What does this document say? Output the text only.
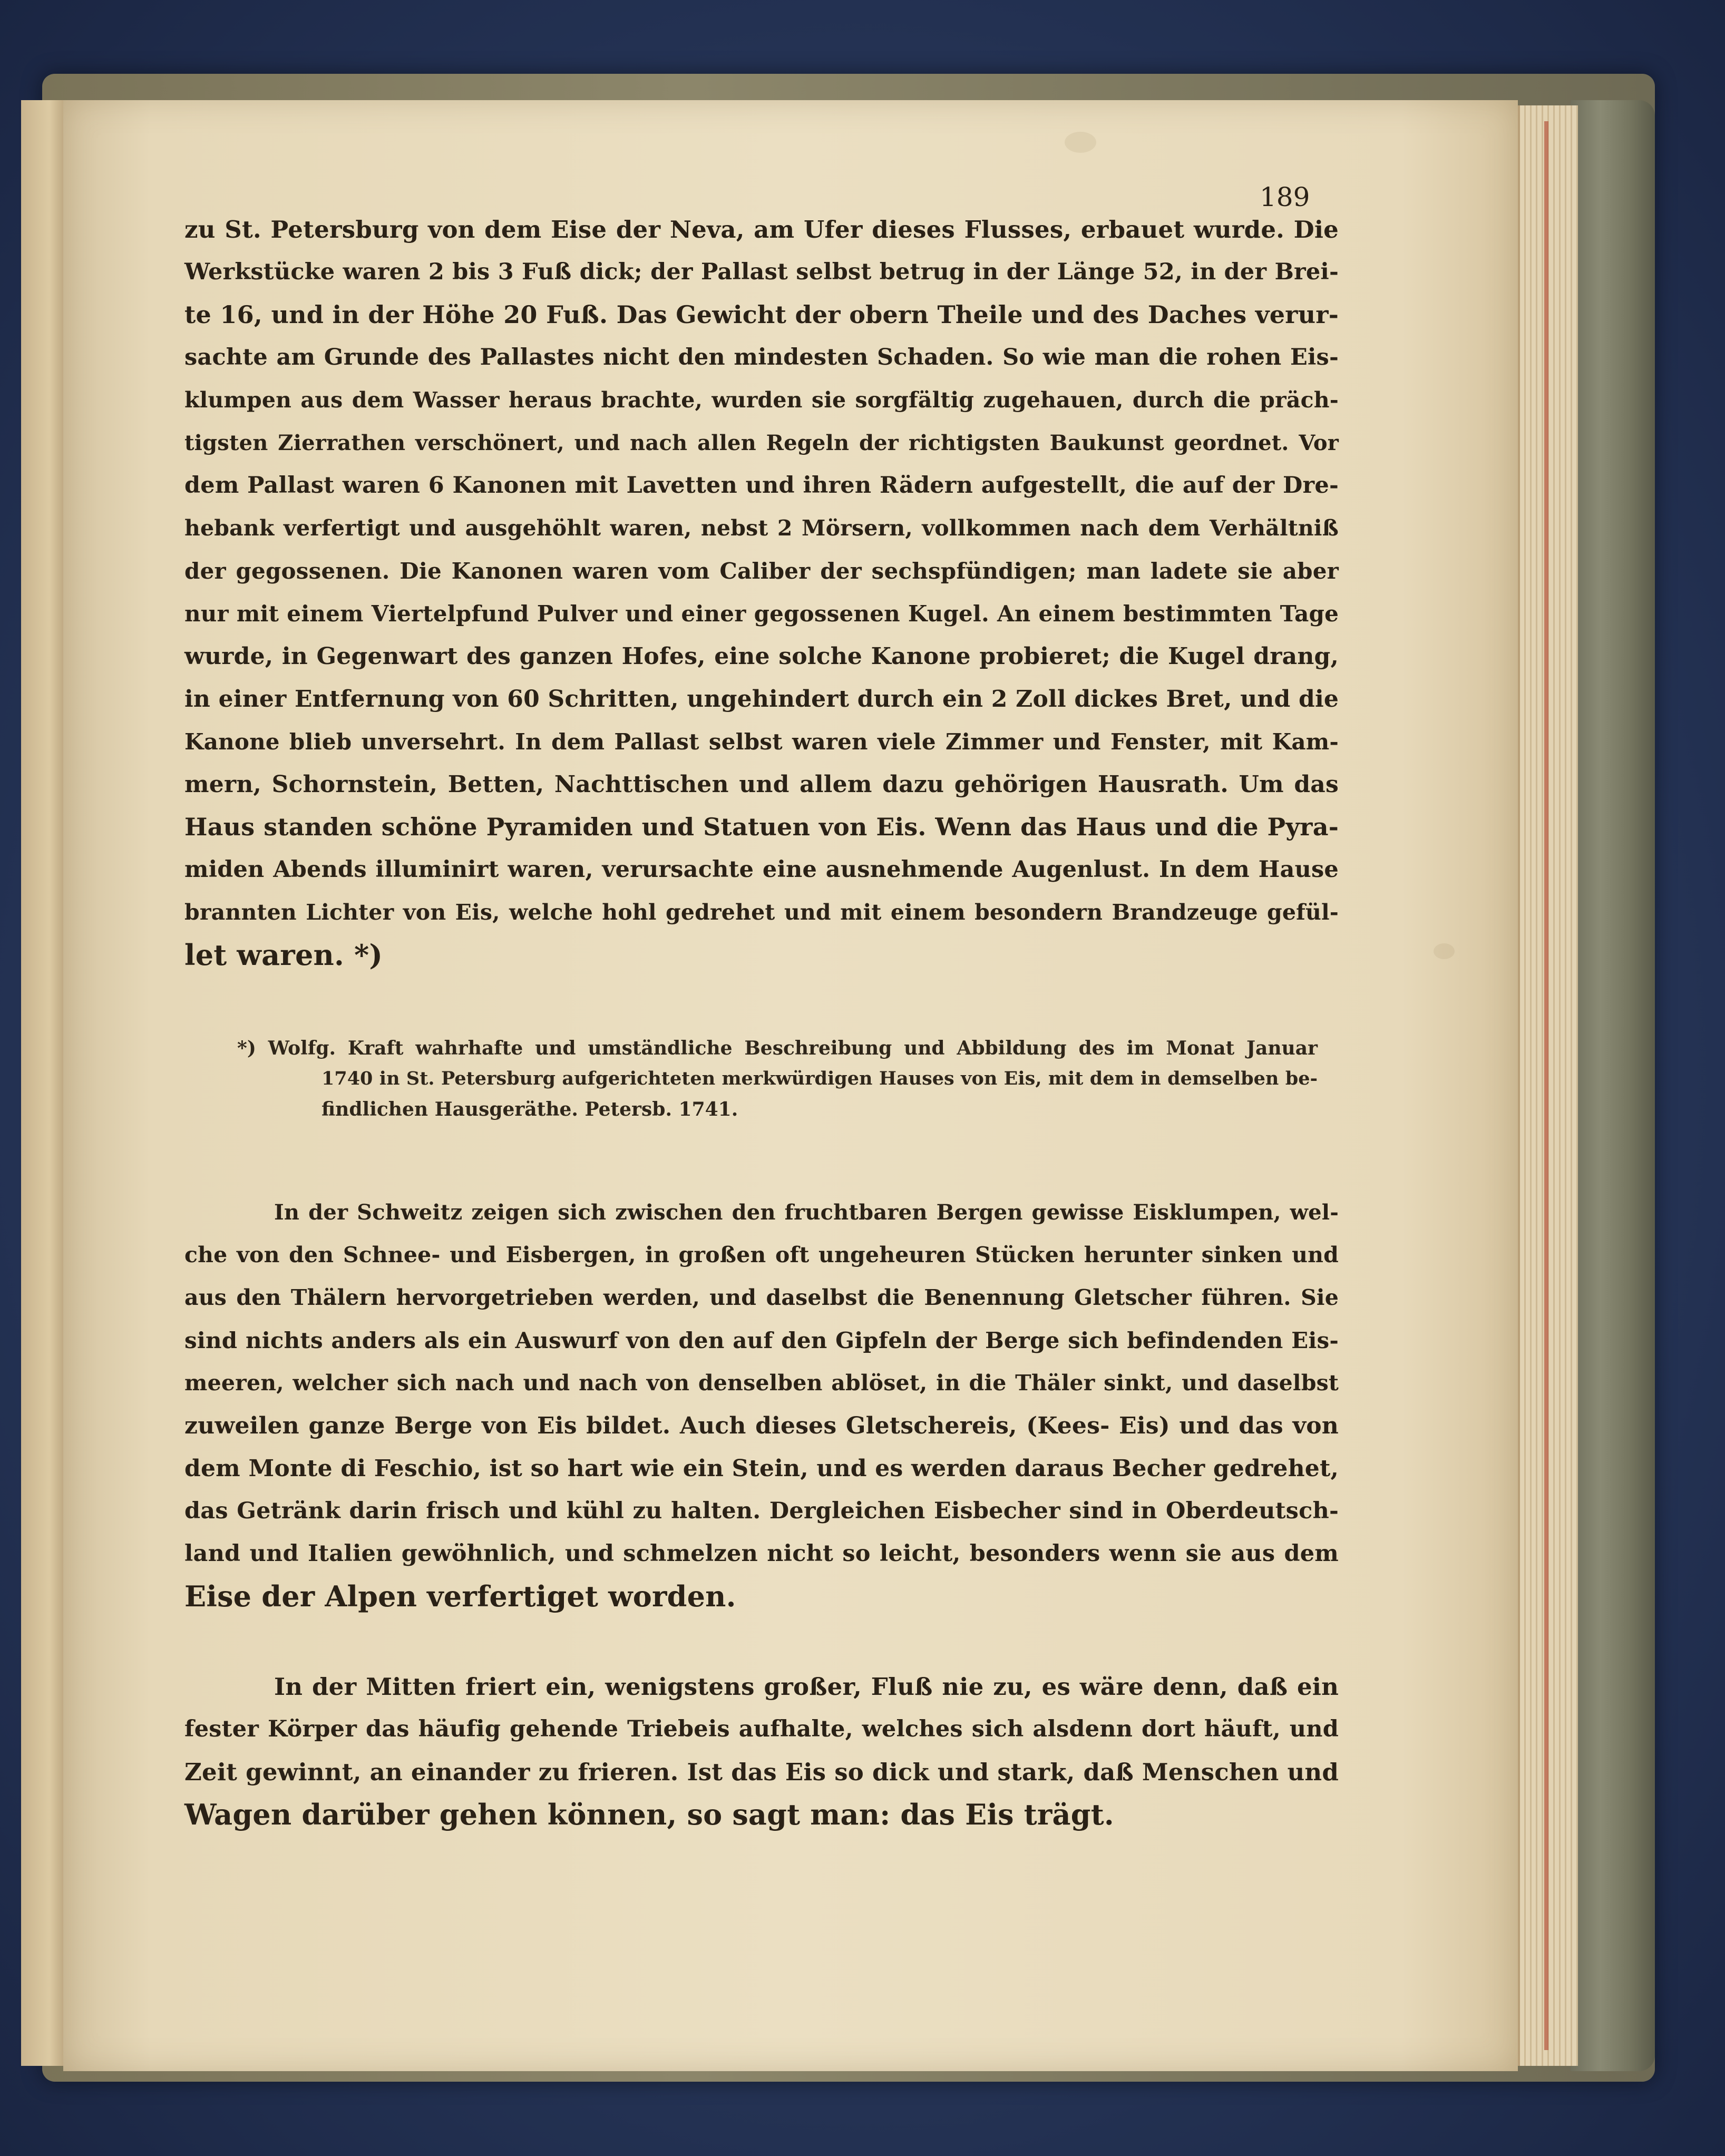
189
zu St. Petersburg von dem Eise der Neva, am Ufer dieses Flusses, erbauet wurde. Die
Werkstücke waren 2 bis 3 Fuß dick; der Pallast selbst betrug in der Länge 52, in der Brei-
te 16, und in der Höhe 20 Fuß. Das Gewicht der obern Theile und des Daches verur-
sachte am Grunde des Pallastes nicht den mindesten Schaden. So wie man die rohen Eis-
klumpen aus dem Wasser heraus brachte, wurden sie sorgfältig zugehauen, durch die präch-
tigsten Zierrathen verschönert, und nach allen Regeln der richtigsten Baukunst geordnet. Vor
dem Pallast waren 6 Kanonen mit Lavetten und ihren Rädern aufgestellt, die auf der Dre-
hebank verfertigt und ausgehöhlt waren, nebst 2 Mörsern, vollkommen nach dem Verhältniß
der gegossenen. Die Kanonen waren vom Caliber der sechspfündigen; man ladete sie aber
nur mit einem Viertelpfund Pulver und einer gegossenen Kugel. An einem bestimmten Tage
wurde, in Gegenwart des ganzen Hofes, eine solche Kanone probieret; die Kugel drang,
in einer Entfernung von 60 Schritten, ungehindert durch ein 2 Zoll dickes Bret, und die
Kanone blieb unversehrt. In dem Pallast selbst waren viele Zimmer und Fenster, mit Kam-
mern, Schornstein, Betten, Nachttischen und allem dazu gehörigen Hausrath. Um das
Haus standen schöne Pyramiden und Statuen von Eis. Wenn das Haus und die Pyra-
miden Abends illuminirt waren, verursachte eine ausnehmende Augenlust. In dem Hause
brannten Lichter von Eis, welche hohl gedrehet und mit einem besondern Brandzeuge gefül-
let waren. *)
*) Wolfg. Kraft wahrhafte und umständliche Beschreibung und Abbildung des im Monat Januar
1740 in St. Petersburg aufgerichteten merkwürdigen Hauses von Eis, mit dem in demselben be-
findlichen Hausgeräthe. Petersb. 1741.
In der Schweitz zeigen sich zwischen den fruchtbaren Bergen gewisse Eisklumpen, wel-
che von den Schnee- und Eisbergen, in großen oft ungeheuren Stücken herunter sinken und
aus den Thälern hervorgetrieben werden, und daselbst die Benennung Gletscher führen. Sie
sind nichts anders als ein Auswurf von den auf den Gipfeln der Berge sich befindenden Eis-
meeren, welcher sich nach und nach von denselben ablöset, in die Thäler sinkt, und daselbst
zuweilen ganze Berge von Eis bildet. Auch dieses Gletschereis, (Kees- Eis) und das von
dem Monte di Feschio, ist so hart wie ein Stein, und es werden daraus Becher gedrehet,
das Getränk darin frisch und kühl zu halten. Dergleichen Eisbecher sind in Oberdeutsch-
land und Italien gewöhnlich, und schmelzen nicht so leicht, besonders wenn sie aus dem
Eise der Alpen verfertiget worden.
In der Mitten friert ein, wenigstens großer, Fluß nie zu, es wäre denn, daß ein
fester Körper das häufig gehende Triebeis aufhalte, welches sich alsdenn dort häuft, und
Zeit gewinnt, an einander zu frieren. Ist das Eis so dick und stark, daß Menschen und
Wagen darüber gehen können, so sagt man: das Eis trägt.
